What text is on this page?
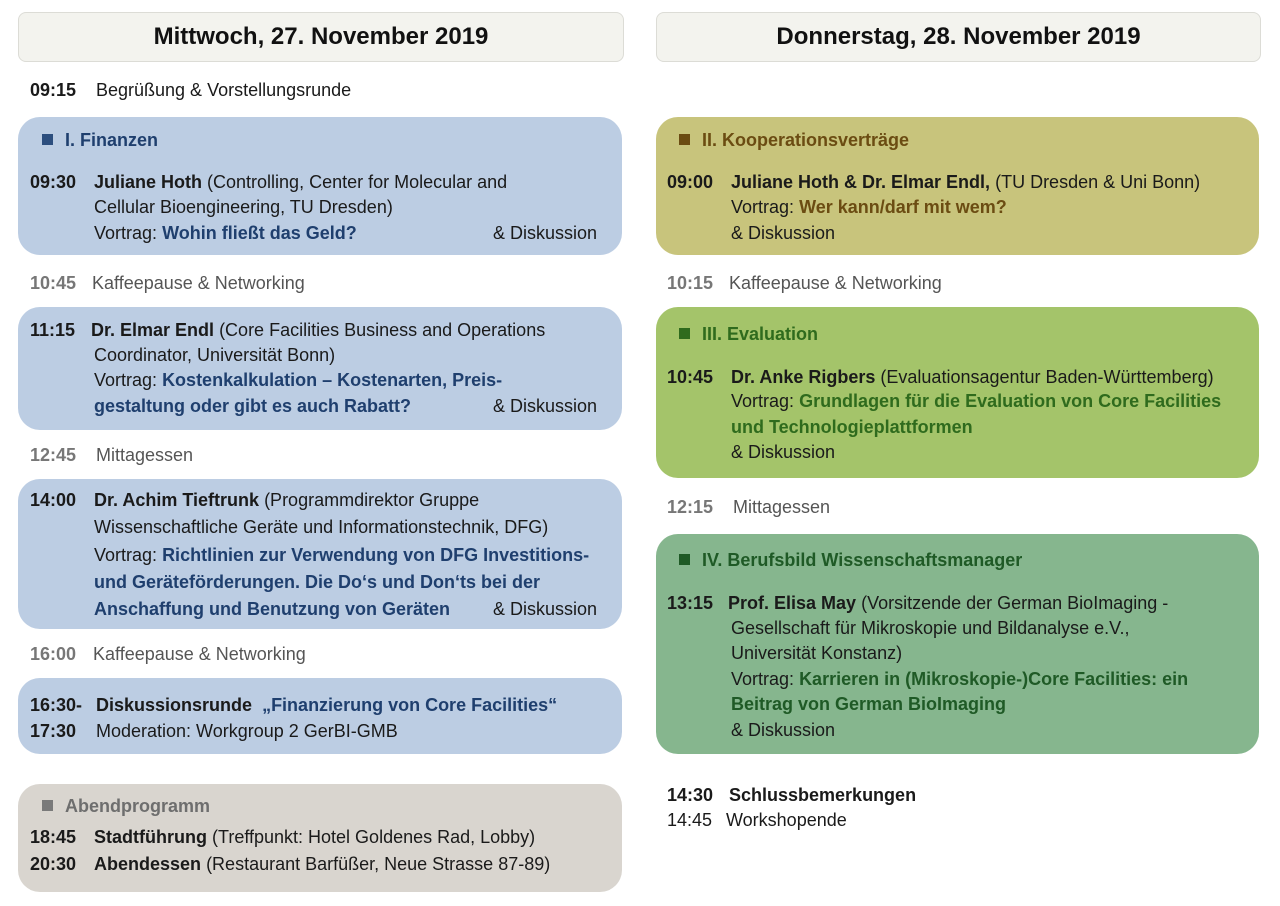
Mittwoch, 27. November 2019
09:15 Begrüßung & Vorstellungsrunde
I. Finanzen
09:30 Juliane Hoth (Controlling, Center for Molecular and
Cellular Bioengineering, TU Dresden)
Vortrag: Wohin fließt das Geld?	& Diskussion
10:45 Kaffeepause & Networking
11:15 Dr. Elmar Endl (Core Facilities Business and Operations
Coordinator, Universität Bonn)
Vortrag: Kostenkalkulation – Kostenarten, Preis-
gestaltung oder gibt es auch Rabatt?	& Diskussion
12:45 Mittagessen
14:00 Dr. Achim Tieftrunk (Programmdirektor Gruppe
Wissenschaftliche Geräte und Informationstechnik, DFG)
Vortrag: Richtlinien zur Verwendung von DFG Investitions-
und Geräteförderungen. Die Do‘s und Don‘ts bei der
Anschaffung und Benutzung von Geräten & Diskussion
16:00 Kaffeepause & Networking
16:30-
17:30
Diskussionsrunde „Finanzierung von Core Facilities“
Moderation: Workgroup 2 GerBI-GMB
Abendprogramm
18:45 Stadtführung (Treffpunkt: Hotel Goldenes Rad, Lobby)
20:30 Abendessen (Restaurant Barfüßer, Neue Strasse 87-89)
Donnerstag, 28. November 2019
II. Kooperationsverträge
09:00 Juliane Hoth & Dr. Elmar Endl, (TU Dresden & Uni Bonn)
Vortrag: Wer kann/darf mit wem?
& Diskussion
10:15 Kaffeepause & Networking
III. Evaluation
10:45 Dr. Anke Rigbers (Evaluationsagentur Baden-Württemberg)
Vortrag: Grundlagen für die Evaluation von Core Facilities
und Technologieplattformen
& Diskussion
12:15 Mittagessen
IV. Berufsbild Wissenschaftsmanager
13:15 Prof. Elisa May (Vorsitzende der German BioImaging -
Gesellschaft für Mikroskopie und Bildanalyse e.V.,
Universität Konstanz)
Vortrag: Karrieren in (Mikroskopie-)Core Facilities: ein
Beitrag von German BioImaging
& Diskussion
14:30 Schlussbemerkungen
14:45 Workshopende
